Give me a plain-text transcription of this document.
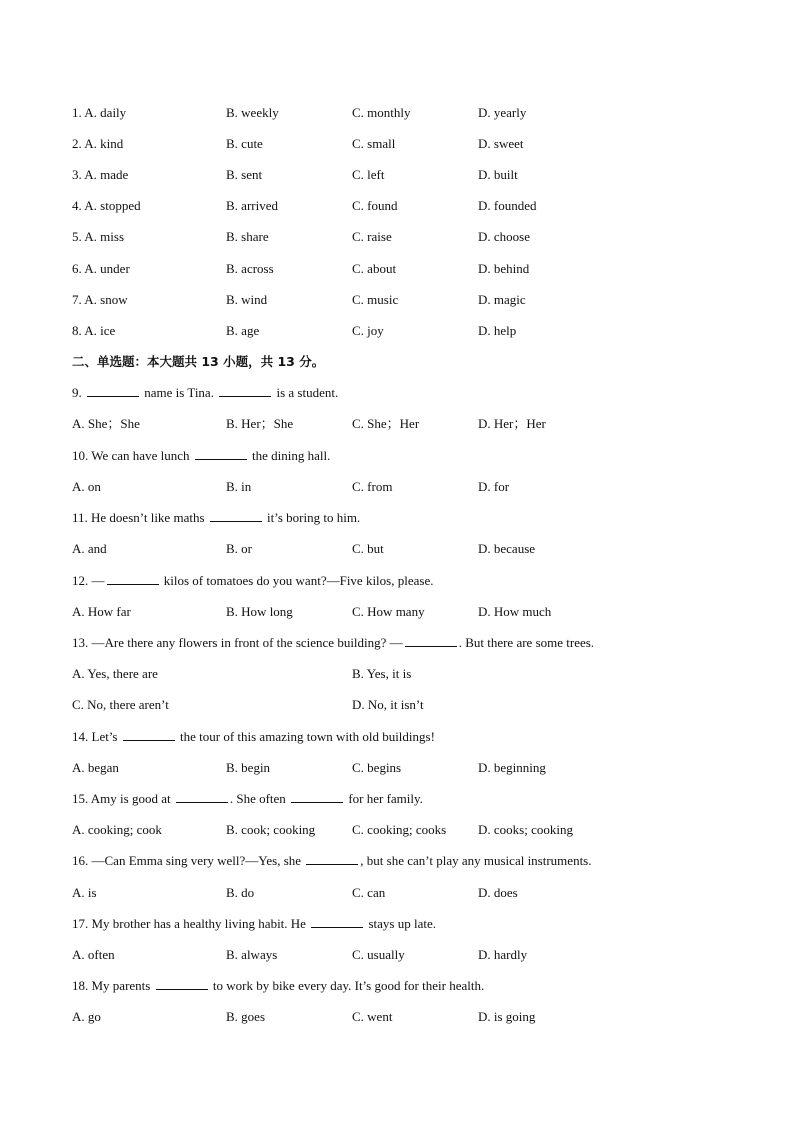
1. A. daily	B. weekly	C. monthly	D. yearly
2. A. kind	B. cute	C. small	D. sweet
3. A. made	B. sent	C. left	D. built
4. A. stopped	B. arrived	C. found	D. founded
5. A. miss	B. share	C. raise	D. choose
6. A. under	B. across	C. about	D. behind
7. A. snow	B. wind	C. music	D. magic
8. A. ice	B. age	C. joy	D. help
二、单选题：本大题共 13 小题，共 13 分。
9.	name is Tina.	is a student.
A. She；She	B. Her；She	C. She；Her	D. Her；Her
10. We can have lunch	the dining hall.
A. on	B. in	C. from	D. for
11. He doesn’t like maths	it’s boring to him.
A. and	B. or	C. but	D. because
12. —	kilos of tomatoes do you want?—Five kilos, please.
A. How far	B. How long	C. How many	D. How much
13. —Are there any flowers in front of the science building? —	. But there are some trees.
A. Yes, there are	B. Yes, it is
C. No, there aren’t	D. No, it isn’t
14. Let’s	the tour of this amazing town with old buildings!
A. began	B. begin	C. begins	D. beginning
15. Amy is good at	. She often	for her family.
A. cooking; cook	B. cook; cooking	C. cooking; cooks D. cooks; cooking
16. —Can Emma sing very well?—Yes, she	, but she can’t play any musical instruments.
A. is	B. do	C. can	D. does
17. My brother has a healthy living habit. He	stays up late.
A. often	B. always	C. usually	D. hardly
18. My parents	to work by bike every day. It’s good for their health.
A. go	B. goes	C. went	D. is going
